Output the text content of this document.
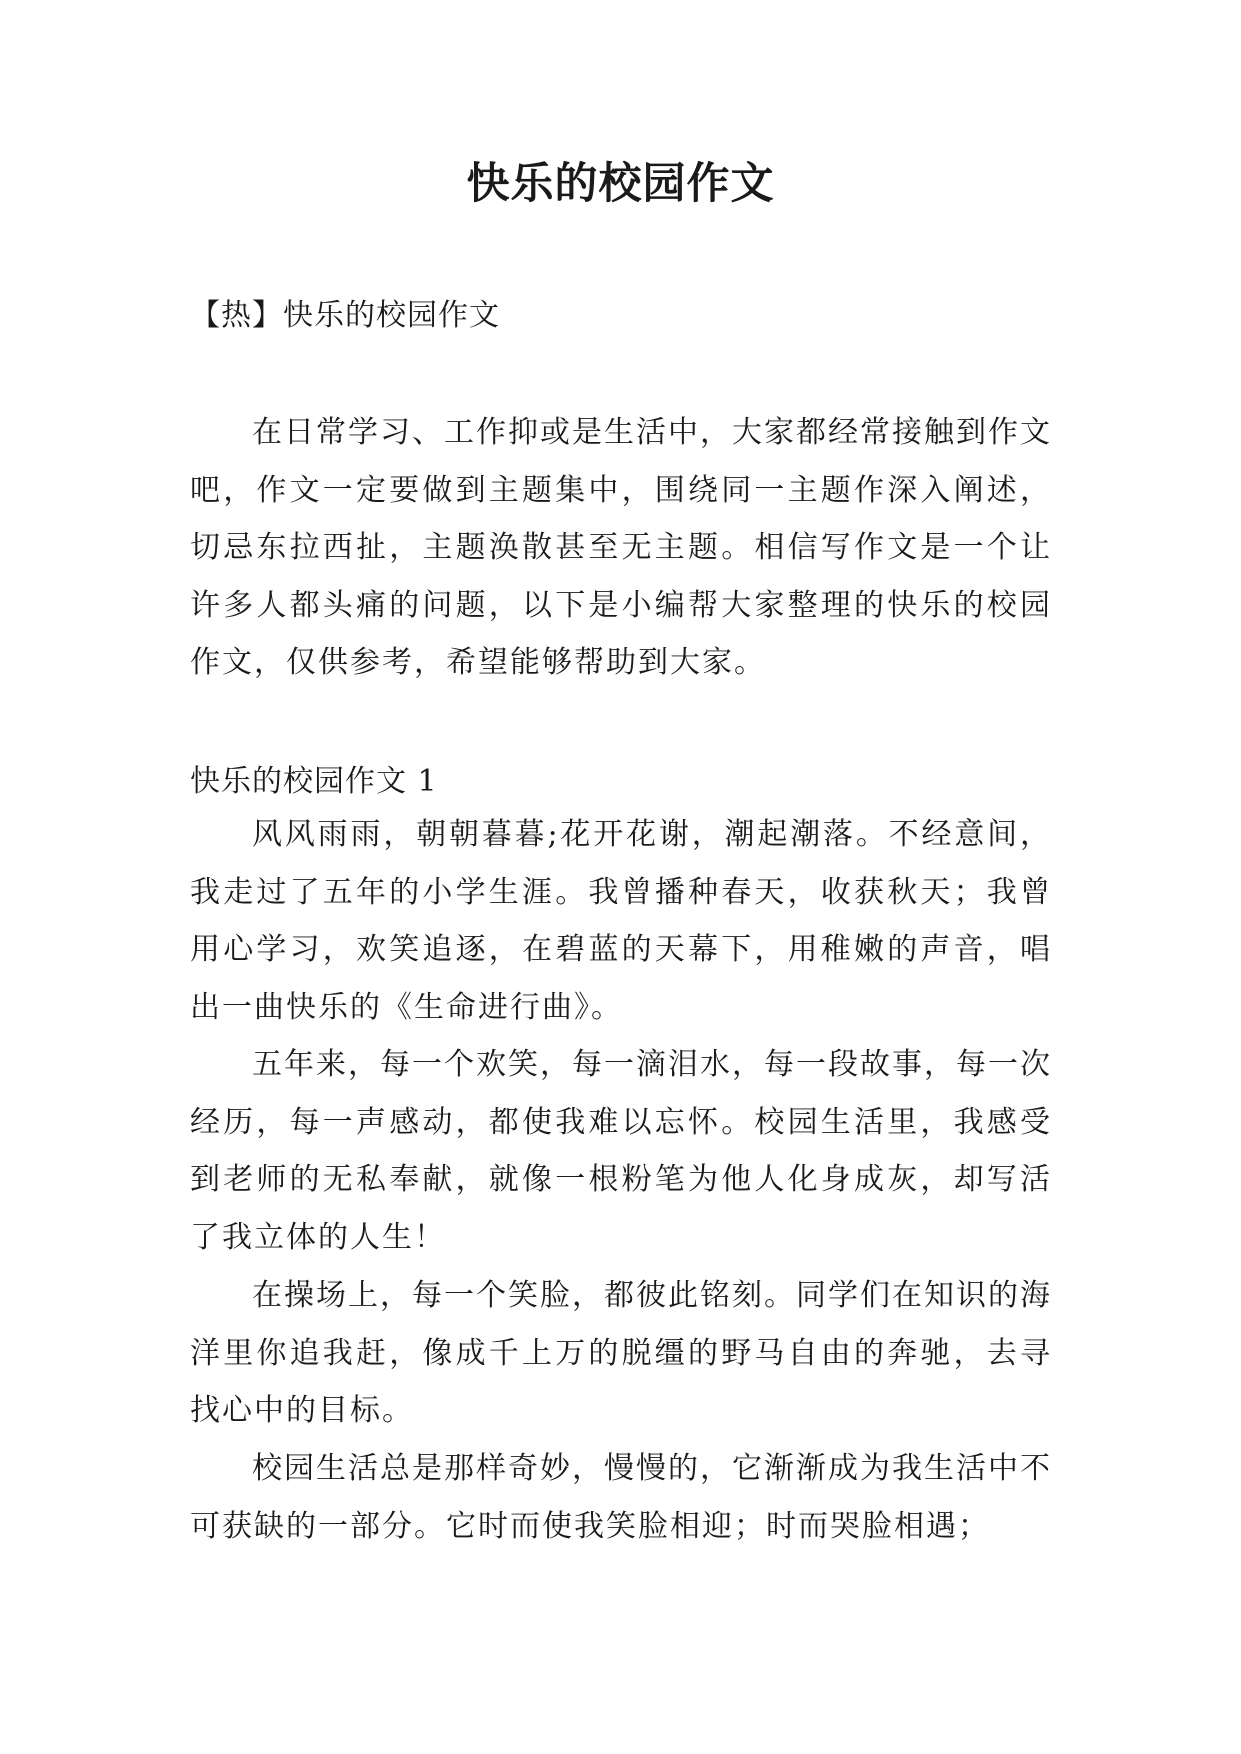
快乐的校园作文

【热】快乐的校园作文

在日常学习、工作抑或是生活中，大家都经常接触到作文吧，作文一定要做到主题集中，围绕同一主题作深入阐述，切忌东拉西扯，主题涣散甚至无主题。相信写作文是一个让许多人都头痛的问题，以下是小编帮大家整理的快乐的校园作文，仅供参考，希望能够帮助到大家。

快乐的校园作文 1

风风雨雨，朝朝暮暮;花开花谢，潮起潮落。不经意间，我走过了五年的小学生涯。我曾播种春天，收获秋天；我曾用心学习，欢笑追逐，在碧蓝的天幕下，用稚嫩的声音，唱出一曲快乐的《生命进行曲》。

五年来，每一个欢笑，每一滴泪水，每一段故事，每一次经历，每一声感动，都使我难以忘怀。校园生活里，我感受到老师的无私奉献，就像一根粉笔为他人化身成灰，却写活了我立体的人生！

在操场上，每一个笑脸，都彼此铭刻。同学们在知识的海洋里你追我赶，像成千上万的脱缰的野马自由的奔驰，去寻找心中的目标。

校园生活总是那样奇妙，慢慢的，它渐渐成为我生活中不可获缺的一部分。它时而使我笑脸相迎；时而哭脸相遇；
